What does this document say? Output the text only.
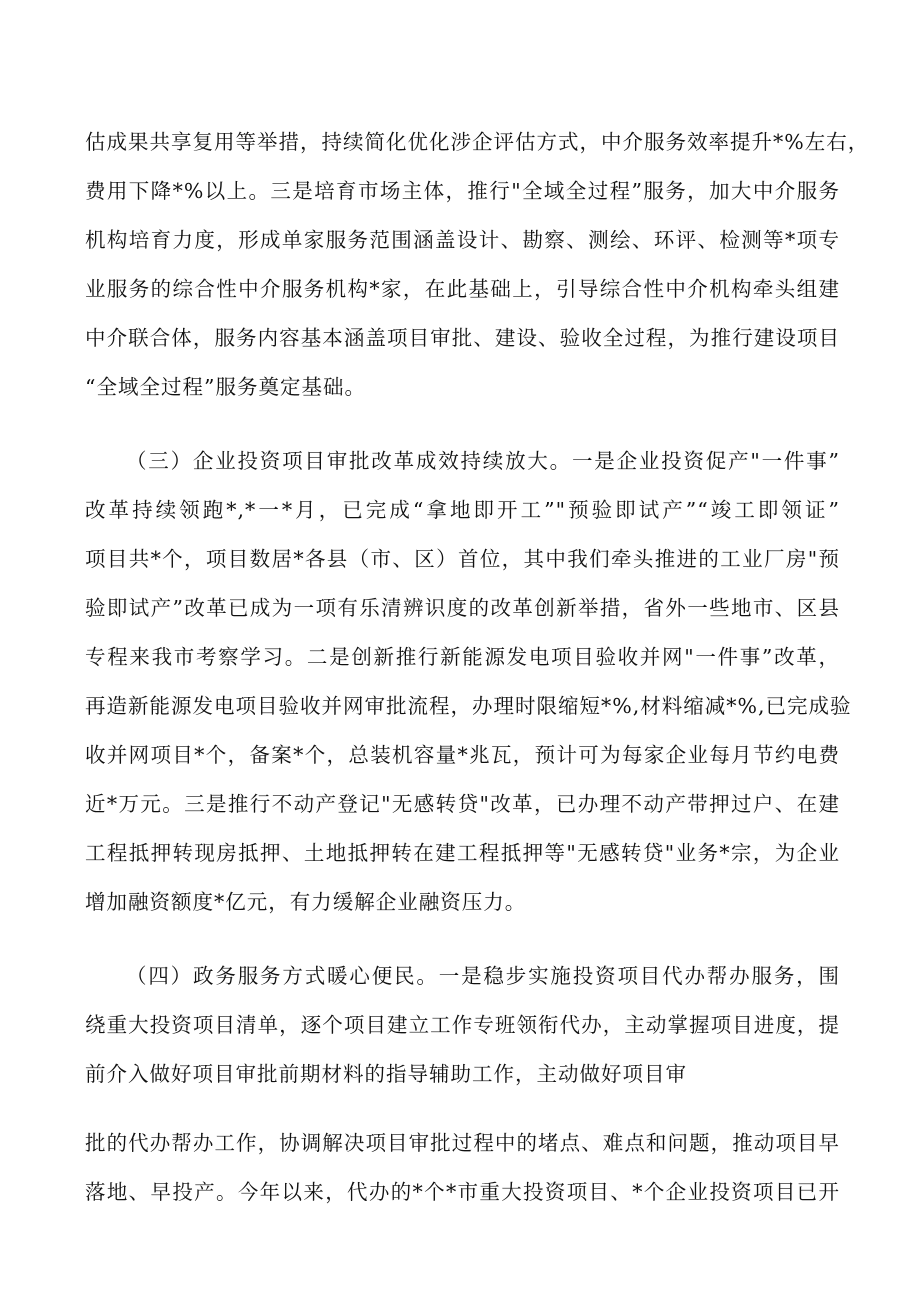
估成果共享复用等举措，持续简化优化涉企评估方式，中介服务效率提升*%左右，
费用下降*%以上。三是培育市场主体，推行"全域全过程”服务，加大中介服务
机构培育力度，形成单家服务范围涵盖设计、勘察、测绘、环评、检测等*项专
业服务的综合性中介服务机构*家，在此基础上，引导综合性中介机构牵头组建
中介联合体，服务内容基本涵盖项目审批、建设、验收全过程，为推行建设项目
“全域全过程”服务奠定基础。
（三）企业投资项目审批改革成效持续放大。一是企业投资促产"一件事”
改革持续领跑*,*一*月，已完成“拿地即开工”"预验即试产”“竣工即领证”
项目共*个，项目数居*各县（市、区）首位，其中我们牵头推进的工业厂房"预
验即试产”改革已成为一项有乐清辨识度的改革创新举措，省外一些地市、区县
专程来我市考察学习。二是创新推行新能源发电项目验收并网"一件事”改革，
再造新能源发电项目验收并网审批流程，办理时限缩短*%,材料缩减*%,已完成验
收并网项目*个，备案*个，总装机容量*兆瓦，预计可为每家企业每月节约电费
近*万元。三是推行不动产登记"无感转贷"改革，已办理不动产带押过户、在建
工程抵押转现房抵押、土地抵押转在建工程抵押等"无感转贷"业务*宗，为企业
增加融资额度*亿元，有力缓解企业融资压力。
（四）政务服务方式暖心便民。一是稳步实施投资项目代办帮办服务，围
绕重大投资项目清单，逐个项目建立工作专班领衔代办，主动掌握项目进度，提
前介入做好项目审批前期材料的指导辅助工作，主动做好项目审
批的代办帮办工作，协调解决项目审批过程中的堵点、难点和问题，推动项目早
落地、早投产。今年以来，代办的*个*市重大投资项目、*个企业投资项目已开
